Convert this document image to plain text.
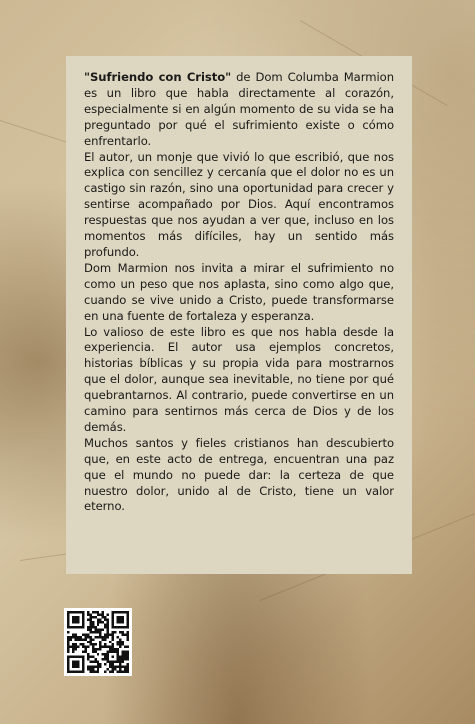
"Sufriendo con Cristo" de Dom Columba Marmion es un libro que habla directamente al corazón, especialmente si en algún momento de su vida se ha preguntado por qué el sufrimiento existe o cómo enfrentarlo.

El autor, un monje que vivió lo que escribió, que nos explica con sencillez y cercanía que el dolor no es un castigo sin razón, sino una oportunidad para crecer y sentirse acompañado por Dios. Aquí encontramos respuestas que nos ayudan a ver que, incluso en los momentos más difíciles, hay un sentido más profundo.

Dom Marmion nos invita a mirar el sufrimiento no como un peso que nos aplasta, sino como algo que, cuando se vive unido a Cristo, puede transformarse en una fuente de fortaleza y esperanza.

Lo valioso de este libro es que nos habla desde la experiencia. El autor usa ejemplos concretos, historias bíblicas y su propia vida para mostrarnos que el dolor, aunque sea inevitable, no tiene por qué quebrantarnos. Al contrario, puede convertirse en un camino para sentirnos más cerca de Dios y de los demás.

Muchos santos y fieles cristianos han descubierto que, en este acto de entrega, encuentran una paz que el mundo no puede dar: la certeza de que nuestro dolor, unido al de Cristo, tiene un valor eterno.
